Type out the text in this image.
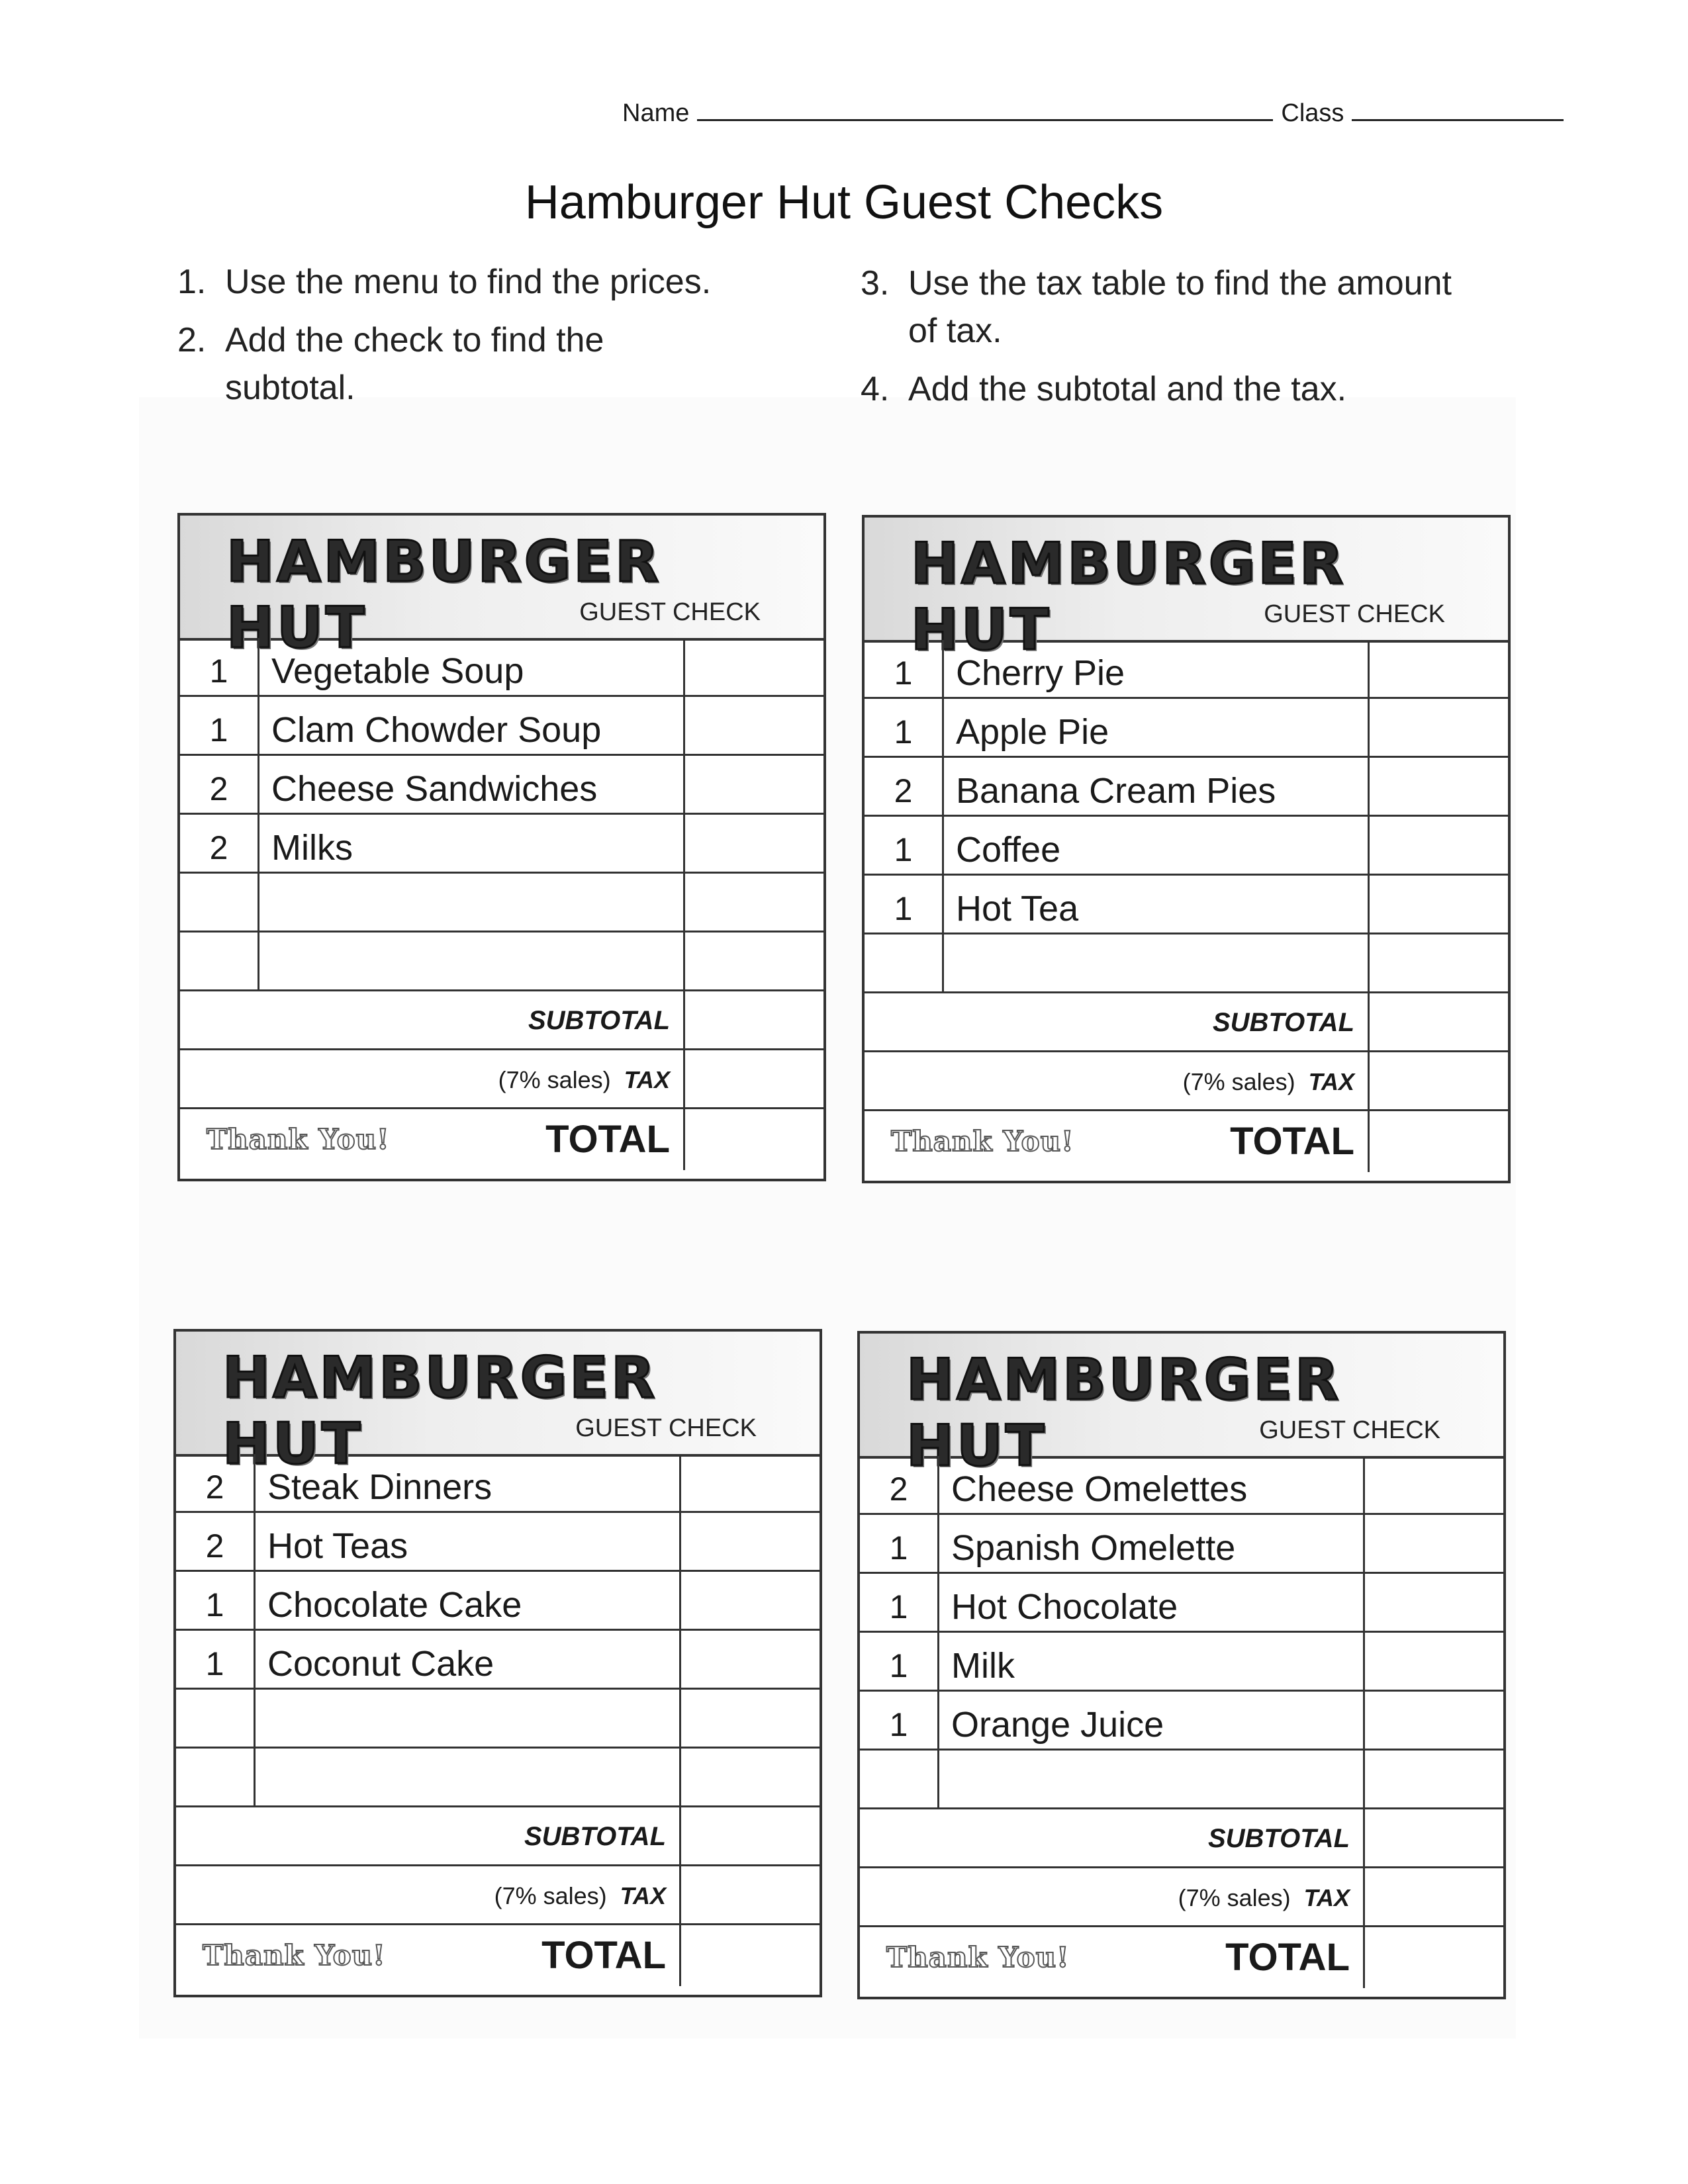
Name	Class
Hamburger Hut Guest Checks
1. Use the menu to find the prices.
2. Add the check to find the subtotal.
3. Use the tax table to find the amount of tax.
4. Add the subtotal and the tax.
HAMBURGER HUT	GUEST CHECK
1	Vegetable Soup
1	Clam Chowder Soup
2	Cheese Sandwiches
2	Milks
SUBTOTAL
(7% sales) TAX
Thank You!	TOTAL
HAMBURGER HUT	GUEST CHECK
1	Cherry Pie
1	Apple Pie
2	Banana Cream Pies
1	Coffee
1	Hot Tea
SUBTOTAL
(7% sales) TAX
Thank You!	TOTAL
HAMBURGER HUT	GUEST CHECK
2	Steak Dinners
2	Hot Teas
1	Chocolate Cake
1	Coconut Cake
SUBTOTAL
(7% sales) TAX
Thank You!	TOTAL
HAMBURGER HUT	GUEST CHECK
2	Cheese Omelettes
1	Spanish Omelette
1	Hot Chocolate
1	Milk
1	Orange Juice
SUBTOTAL
(7% sales) TAX
Thank You!	TOTAL
